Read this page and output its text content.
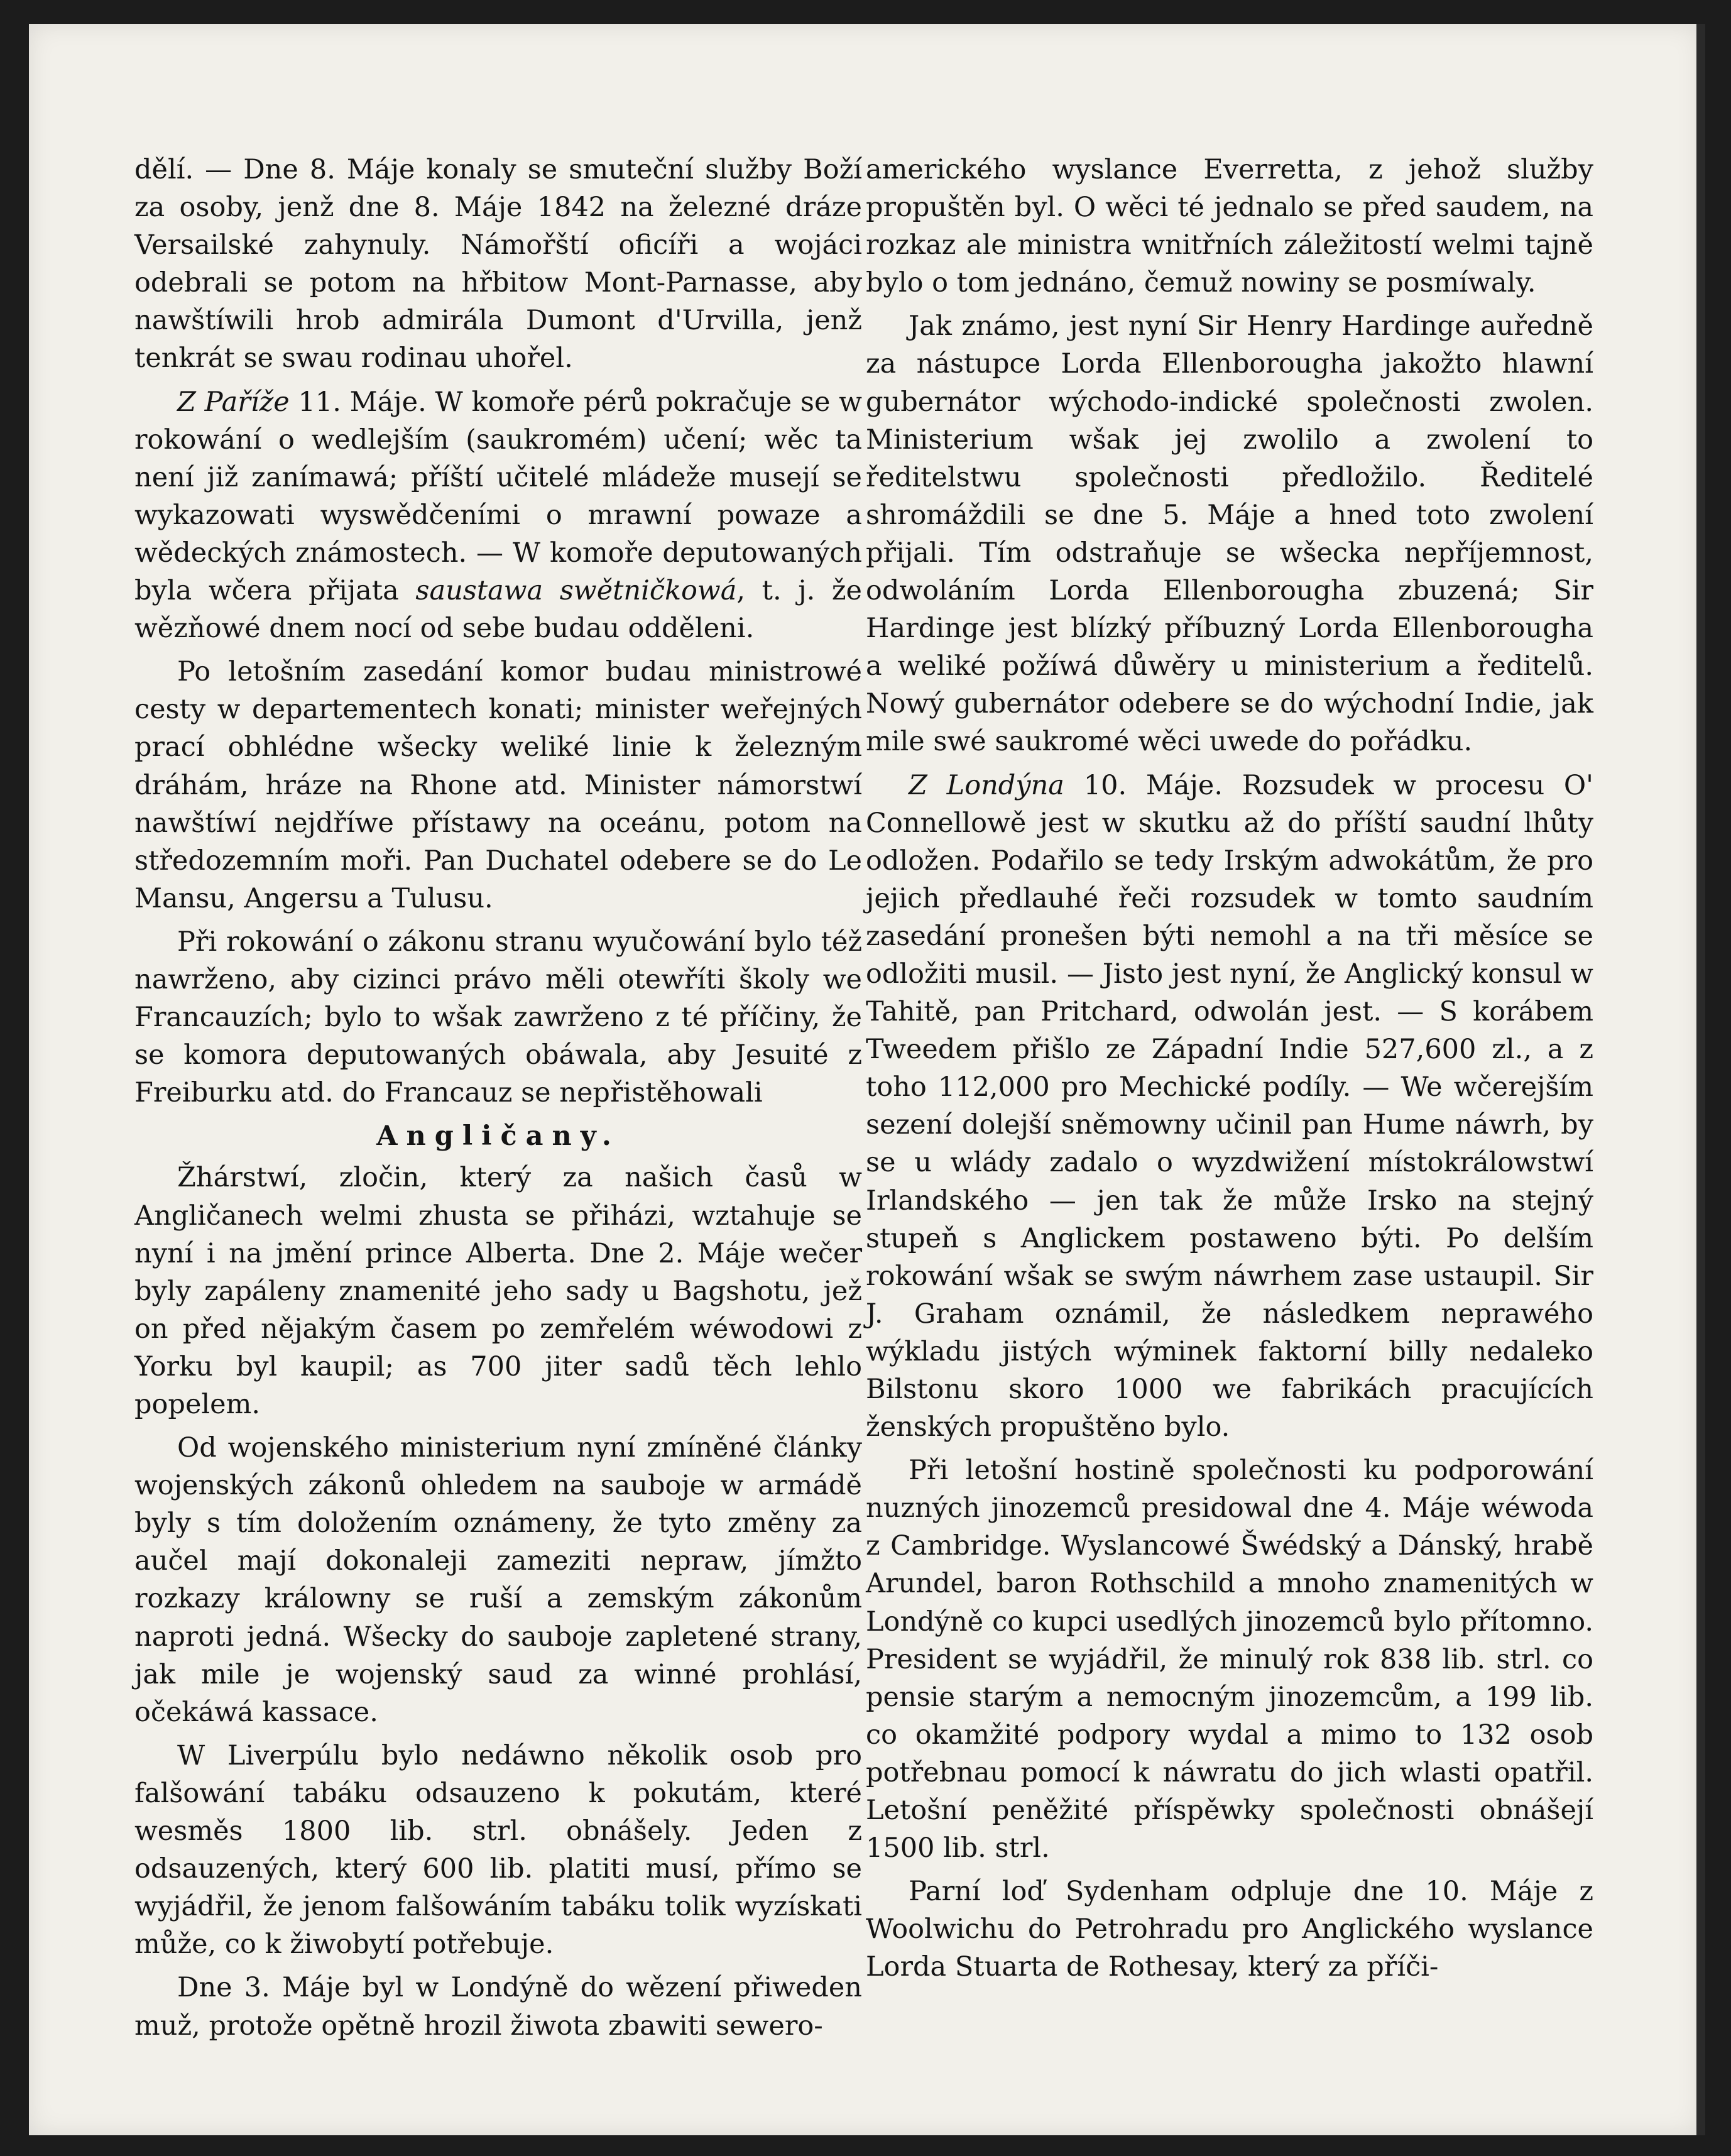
dělí. — Dne 8. Máje konaly se smuteční služby Boží za osoby, jenž dne 8. Máje 1842 na železné dráze Versailské zahynuly. Námořští oficíři a wojáci odebrali se potom na hřbitow Mont-Parnasse, aby nawštíwili hrob admirála Dumont d'Urvilla, jenž tenkrát se swau rodinau uhořel.

Z Paříže 11. Máje. W komoře pérů pokračuje se w rokowání o wedlejším (saukromém) učení; wěc ta není již zanímawá; příští učitelé mládeže musejí se wykazowati wyswědčeními o mrawní powaze a wědeckých známostech. — W komoře deputowaných byla wčera přijata saustawa swětničkowá, t. j. že wězňowé dnem nocí od sebe budau odděleni.

Po letošním zasedání komor budau ministrowé cesty w departementech konati; minister weřejných prací obhlédne wšecky weliké linie k železným dráhám, hráze na Rhone atd. Minister námorstwí nawštíwí nejdříwe přístawy na oceánu, potom na středozemním moři. Pan Duchatel odebere se do Le Mansu, Angersu a Tulusu.

Při rokowání o zákonu stranu wyučowání bylo též nawrženo, aby cizinci právo měli otewříti školy we Francauzích; bylo to wšak zawrženo z té příčiny, že se komora deputowaných obáwala, aby Jesuité z Freiburku atd. do Francauz se nepřistěhowali

Angličany.

Žhárstwí, zločin, který za našich časů w Angličanech welmi zhusta se přiházi, wztahuje se nyní i na jmění prince Alberta. Dne 2. Máje wečer byly zapáleny znamenité jeho sady u Bagshotu, jež on před nějakým časem po zemřelém wéwodowi z Yorku byl kaupil; as 700 jiter sadů těch lehlo popelem.

Od wojenského ministerium nyní zmíněné články wojenských zákonů ohledem na sauboje w armádě byly s tím doložením oznámeny, že tyto změny za aučel mají dokonaleji zameziti nepraw, jímžto rozkazy králowny se ruší a zemským zákonům naproti jedná. Wšecky do sauboje zapletené strany, jak mile je wojenský saud za winné prohlásí, očekáwá kassace.

W Liverpúlu bylo nedáwno několik osob pro falšowání tabáku odsauzeno k pokutám, které wesměs 1800 lib. strl. obnášely. Jeden z odsauzených, který 600 lib. platiti musí, přímo se wyjádřil, že jenom falšowáním tabáku tolik wyzískati může, co k žiwobytí potřebuje.

Dne 3. Máje byl w Londýně do wězení přiweden muž, protože opětně hrozil žiwota zbawiti sewero-

amerického wyslance Everretta, z jehož služby propuštěn byl. O wěci té jednalo se před saudem, na rozkaz ale ministra wnitřních záležitostí welmi tajně bylo o tom jednáno, čemuž nowiny se posmíwaly.

Jak známo, jest nyní Sir Henry Hardinge auředně za nástupce Lorda Ellenborougha jakožto hlawní gubernátor wýchodo-indické společnosti zwolen. Ministerium wšak jej zwolilo a zwolení to ředitelstwu společnosti předložilo. Ředitelé shromáždili se dne 5. Máje a hned toto zwolení přijali. Tím odstraňuje se wšecka nepříjemnost, odwoláním Lorda Ellenborougha zbuzená; Sir Hardinge jest blízký příbuzný Lorda Ellenborougha a weliké požíwá důwěry u ministerium a ředitelů. Nowý gubernátor odebere se do wýchodní Indie, jak mile swé saukromé wěci uwede do pořádku.

Z Londýna 10. Máje. Rozsudek w procesu O' Connellowě jest w skutku až do příští saudní lhůty odložen. Podařilo se tedy Irským adwokátům, že pro jejich předlauhé řeči rozsudek w tomto saudním zasedání pronešen býti nemohl a na tři měsíce se odložiti musil. — Jisto jest nyní, že Anglický konsul w Tahitě, pan Pritchard, odwolán jest. — S korábem Tweedem přišlo ze Západní Indie 527,600 zl., a z toho 112,000 pro Mechické podíly. — We wčerejším sezení dolejší sněmowny učinil pan Hume náwrh, by se u wlády zadalo o wyzdwižení místokrálowstwí Irlandského — jen tak že může Irsko na stejný stupeň s Anglickem postaweno býti. Po delším rokowání wšak se swým náwrhem zase ustaupil. Sir J. Graham oznámil, že následkem neprawého wýkladu jistých wýminek faktorní billy nedaleko Bilstonu skoro 1000 we fabrikách pracujících ženských propuštěno bylo.

Při letošní hostině společnosti ku podporowání nuzných jinozemců presidowal dne 4. Máje wéwoda z Cambridge. Wyslancowé Šwédský a Dánský, hrabě Arundel, baron Rothschild a mnoho znamenitých w Londýně co kupci usedlých jinozemců bylo přítomno. President se wyjádřil, že minulý rok 838 lib. strl. co pensie starým a nemocným jinozemcům, a 199 lib. co okamžité podpory wydal a mimo to 132 osob potřebnau pomocí k náwratu do jich wlasti opatřil. Letošní peněžité příspěwky společnosti obnášejí 1500 lib. strl.

Parní loď Sydenham odpluje dne 10. Máje z Woolwichu do Petrohradu pro Anglického wyslance Lorda Stuarta de Rothesay, který za příči-
